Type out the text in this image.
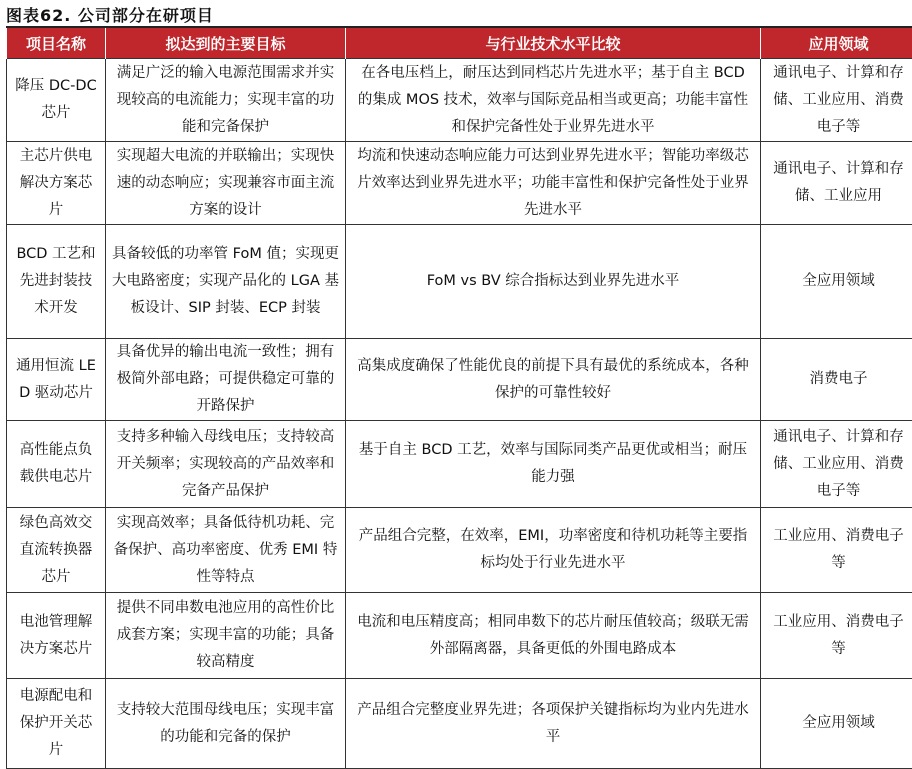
图表62. 公司部分在研项目
项目名称	拟达到的主要目标	与行业技术水平比较	应用领域
降压 DC-DC 芯片	满足广泛的输入电源范围需求并实现较高的电流能力；实现丰富的功能和完备保护	在各电压档上，耐压达到同档芯片先进水平；基于自主 BCD 的集成 MOS 技术，效率与国际竞品相当或更高；功能丰富性和保护完备性处于业界先进水平	通讯电子、计算和存储、工业应用、消费电子等
主芯片供电解决方案芯片	实现超大电流的并联输出；实现快速的动态响应；实现兼容市面主流方案的设计	均流和快速动态响应能力可达到业界先进水平；智能功率级芯片效率达到业界先进水平；功能丰富性和保护完备性处于业界先进水平	通讯电子、计算和存储、工业应用
BCD 工艺和先进封装技术开发	具备较低的功率管 FoM 值；实现更大电路密度；实现产品化的 LGA 基板设计、SIP 封装、ECP 封装	FoM vs BV 综合指标达到业界先进水平	全应用领域
通用恒流 LED 驱动芯片	具备优异的输出电流一致性；拥有极简外部电路；可提供稳定可靠的开路保护	高集成度确保了性能优良的前提下具有最优的系统成本，各种保护的可靠性较好	消费电子
高性能点负载供电芯片	支持多种输入母线电压；支持较高开关频率；实现较高的产品效率和完备产品保护	基于自主 BCD 工艺，效率与国际同类产品更优或相当；耐压能力强	通讯电子、计算和存储、工业应用、消费电子等
绿色高效交直流转换器芯片	实现高效率；具备低待机功耗、完备保护、高功率密度、优秀 EMI 特性等特点	产品组合完整，在效率，EMI，功率密度和待机功耗等主要指标均处于行业先进水平	工业应用、消费电子等
电池管理解决方案芯片	提供不同串数电池应用的高性价比成套方案；实现丰富的功能；具备较高精度	电流和电压精度高；相同串数下的芯片耐压值较高；级联无需外部隔离器，具备更低的外围电路成本	工业应用、消费电子等
电源配电和保护开关芯片	支持较大范围母线电压；实现丰富的功能和完备的保护	产品组合完整度业界先进；各项保护关键指标均为业内先进水平	全应用领域
